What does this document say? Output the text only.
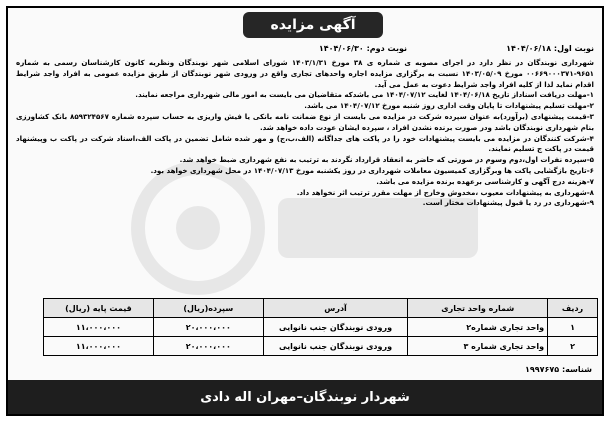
آگهی مزایده
نوبت اول: ۱۴۰۴/۰۶/۱۸
نوبت دوم: ۱۴۰۴/۰۶/۳۰

شهرداری نوبندگان در نظر دارد در اجرای مصوبه ی شماره ی ۳۸ مورخ ۱۴۰۳/۱/۳۱ شورای اسلامی شهر نوبندگان ونظریه کانون کارشناسان رسمی به شماره ۹۶۵۱-۰۰۶۶۹۰۰۰۳۷۱ مورخ ۱۴۰۳/۰۵/۰۹ نسبت به برگزاری مزایده اجاره واحدهای تجاری واقع در ورودی شهر نوبندگان از طریق مزایده عمومی به افراد واجد شرایط اقدام نماید لذا از کلیه افراد واجد شرایط دعوت به عمل می آید.

۱-مهلت دریافت اسناداز تاریخ ۱۴۰۴/۰۶/۱۸ لغایت ۱۴۰۴/۰۷/۱۲ می باشدکه متقاضیان می بایست به امور مالی شهرداری مراجعه نمایند.

۲-مهلت تسلیم پیشنهادات تا پایان وقت اداری روز شنبه مورخ ۱۴۰۴/۰۷/۱۲ می باشد.

۳-قیمت پیشنهادی (برآورد)به عنوان سپرده شرکت در مزایده می بایست از نوع ضمانت نامه بانکی یا فیش واریزی به حساب سپرده شماره ۸۵۹۳۲۴۵۶۷ بانک کشاورزی بنام شهرداری نوبندگان باشد ودر صورت برنده نشدن افراد ، سپرده ایشان عودت داده خواهد شد.

۴-شرکت کنندگان در مزایده می بایست پیشنهادات خود را در پاکت های جداگانه (الف،ب،ج) و مهر شده شامل تضمین در پاکت الف،اسناد شرکت در پاکت ب وپیشنهاد قیمت در پاکت ج تسلیم نمایند.

۵-سپرده نفرات اول،دوم وسوم در صورتی که حاضر به انعقاد قرارداد نگردند به ترتیب به نفع شهرداری ضبط خواهد شد.

۶-تاریخ بازگشایی پاکت ها وبرگزاری کمیسیون معاملات شهرداری در روز یکشنبه مورخ ۱۴۰۴/۰۷/۱۳ در محل شهرداری خواهد بود.

۷-هزینه درج آگهی و کارشناسی برعهده برنده مزایده می باشد.

۸-شهرداری به پیشنهادات معیوب ،مخدوش وخارج از مهلت مقرر ترتیب اثر نخواهد داد.

۹-شهرداری در رد یا قبول پیشنهادات مختار است.

ردیف	شماره واحد تجاری	آدرس	سپرده(ریال)	قیمت پایه (ریال)
۱	واحد تجاری شماره۲	ورودی نوبندگان جنب نانوایی	۲۰،۰۰۰،۰۰۰	۱۱،۰۰۰،۰۰۰
۲	واحد تجاری شماره ۳	ورودی نوبندگان جنب نانوایی	۲۰،۰۰۰،۰۰۰	۱۱،۰۰۰،۰۰۰
شناسه: ۱۹۹۷۶۷۵
شهردار نوبندگان–مهران اله دادی
